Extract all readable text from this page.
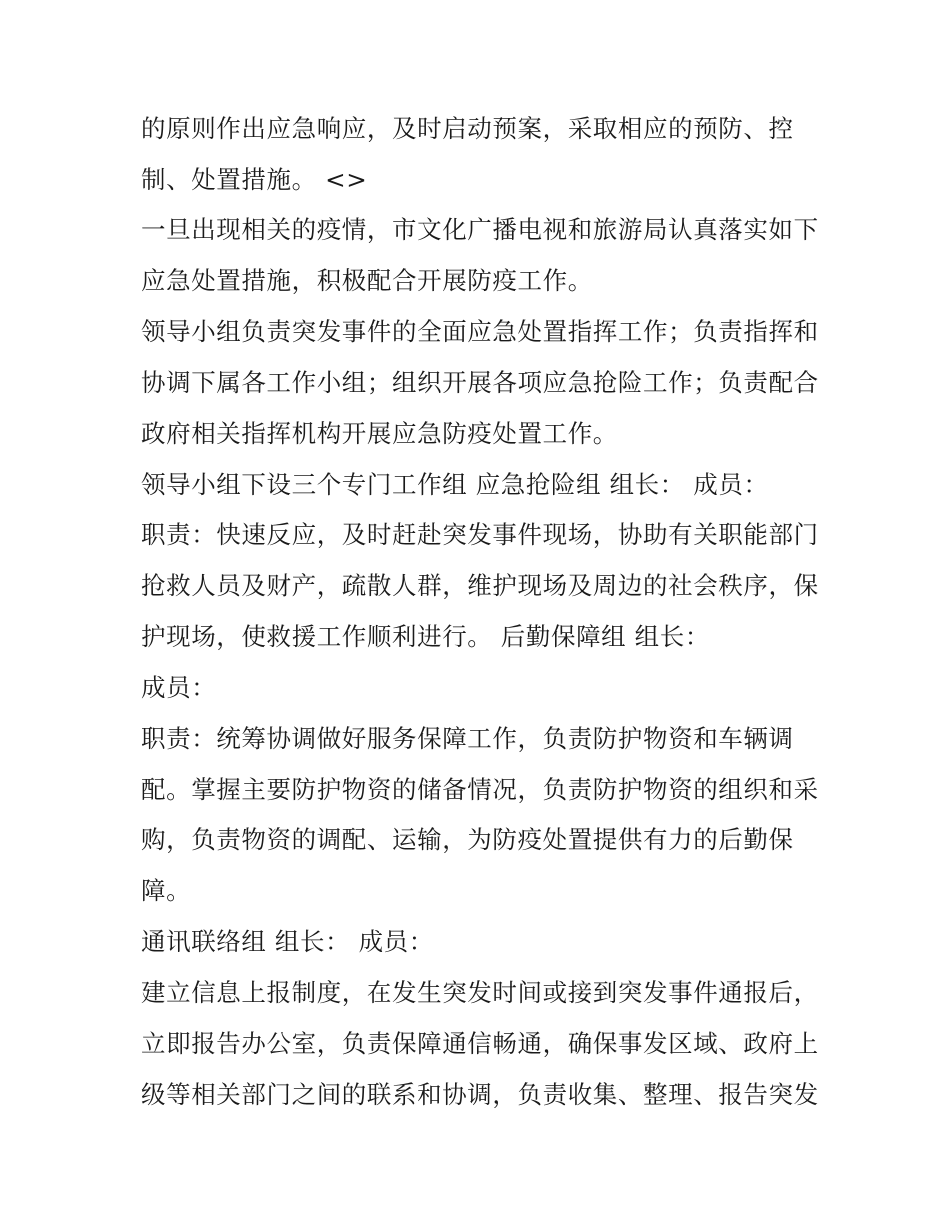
的原则作出应急响应，及时启动预案，采取相应的预防、控
制、处置措施。 <>
一旦出现相关的疫情，市文化广播电视和旅游局认真落实如下
应急处置措施，积极配合开展防疫工作。
领导小组负责突发事件的全面应急处置指挥工作；负责指挥和
协调下属各工作小组；组织开展各项应急抢险工作；负责配合
政府相关指挥机构开展应急防疫处置工作。
领导小组下设三个专门工作组 应急抢险组 组长： 成员：
职责：快速反应，及时赶赴突发事件现场，协助有关职能部门
抢救人员及财产，疏散人群，维护现场及周边的社会秩序，保
护现场，使救援工作顺利进行。 后勤保障组 组长：
成员：
职责：统筹协调做好服务保障工作，负责防护物资和车辆调
配。掌握主要防护物资的储备情况，负责防护物资的组织和采
购，负责物资的调配、运输，为防疫处置提供有力的后勤保
障。
通讯联络组 组长： 成员：
建立信息上报制度，在发生突发时间或接到突发事件通报后，
立即报告办公室，负责保障通信畅通，确保事发区域、政府上
级等相关部门之间的联系和协调，负责收集、整理、报告突发
